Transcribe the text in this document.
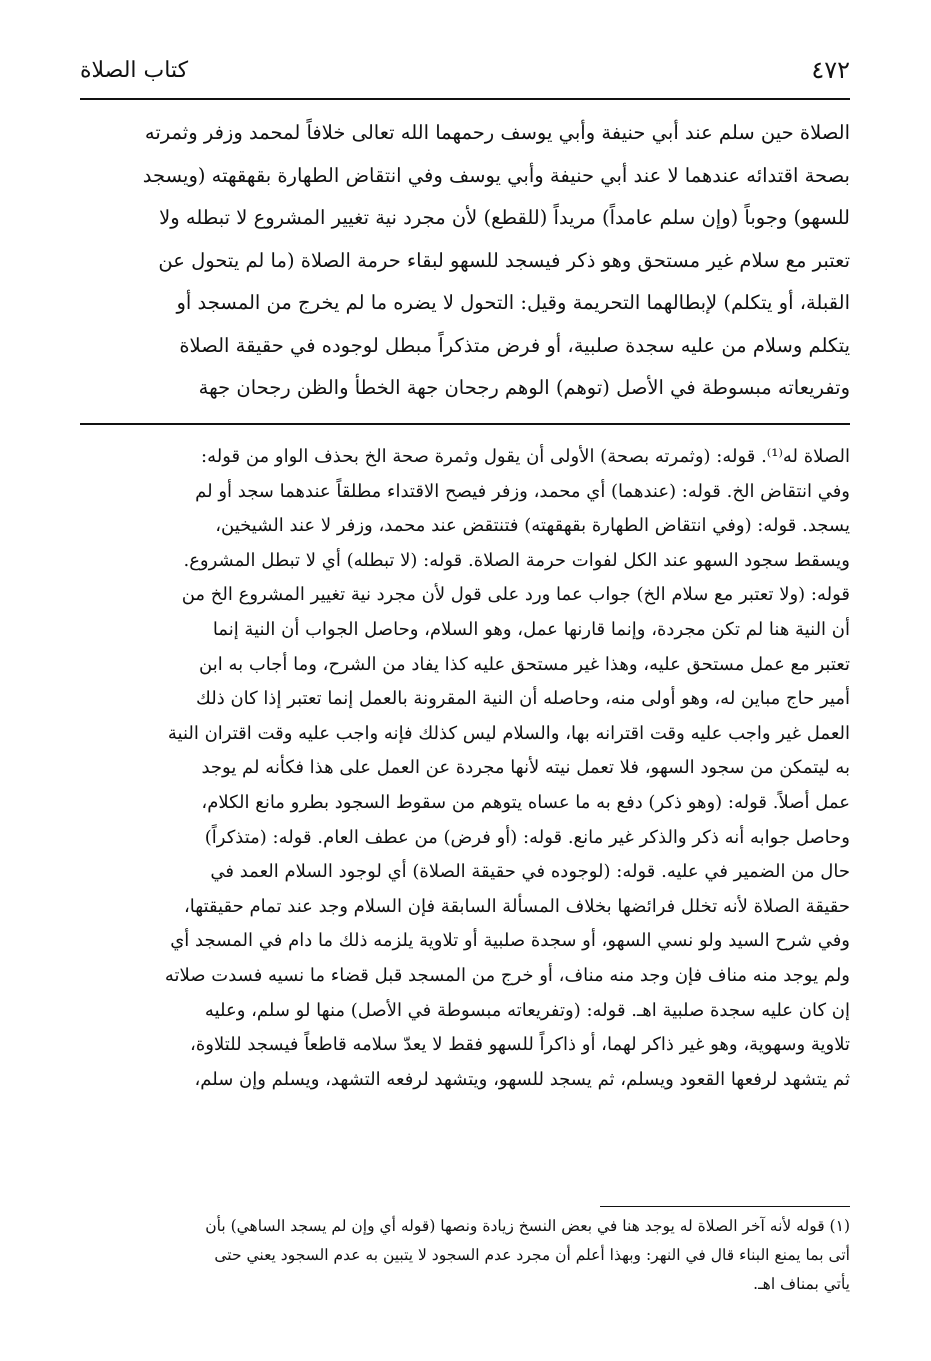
كتاب الصلاة	٤٧٢
الصلاة حين سلم عند أبي حنيفة وأبي يوسف رحمهما الله تعالى خلافاً لمحمد وزفر وثمرته
بصحة اقتدائه عندهما لا عند أبي حنيفة وأبي يوسف وفي انتقاض الطهارة بقهقهته (ويسجد
للسهو) وجوباً (وإن سلم عامداً) مريداً (للقطع) لأن مجرد نية تغيير المشروع لا تبطله ولا
تعتبر مع سلام غير مستحق وهو ذكر فيسجد للسهو لبقاء حرمة الصلاة (ما لم يتحول عن
القبلة، أو يتكلم) لإبطالهما التحريمة وقيل: التحول لا يضره ما لم يخرج من المسجد أو
يتكلم وسلام من عليه سجدة صلبية، أو فرض متذكراً مبطل لوجوده في حقيقة الصلاة
وتفريعاته مبسوطة في الأصل (توهم) الوهم رجحان جهة الخطأ والظن رجحان جهة
الصلاة له⁽¹⁾. قوله: (وثمرته بصحة) الأولى أن يقول وثمرة صحة الخ بحذف الواو من قوله:
وفي انتقاض الخ. قوله: (عندهما) أي محمد، وزفر فيصح الاقتداء مطلقاً عندهما سجد أو لم
يسجد. قوله: (وفي انتقاض الطهارة بقهقهته) فتنتقض عند محمد، وزفر لا عند الشيخين،
ويسقط سجود السهو عند الكل لفوات حرمة الصلاة. قوله: (لا تبطله) أي لا تبطل المشروع.
قوله: (ولا تعتبر مع سلام الخ) جواب عما ورد على قول لأن مجرد نية تغيير المشروع الخ من
أن النية هنا لم تكن مجردة، وإنما قارنها عمل، وهو السلام، وحاصل الجواب أن النية إنما
تعتبر مع عمل مستحق عليه، وهذا غير مستحق عليه كذا يفاد من الشرح، وما أجاب به ابن
أمير حاج مباين له، وهو أولى منه، وحاصله أن النية المقرونة بالعمل إنما تعتبر إذا كان ذلك
العمل غير واجب عليه وقت اقترانه بها، والسلام ليس كذلك فإنه واجب عليه وقت اقتران النية
به ليتمكن من سجود السهو، فلا تعمل نيته لأنها مجردة عن العمل على هذا فكأنه لم يوجد
عمل أصلاً. قوله: (وهو ذكر) دفع به ما عساه يتوهم من سقوط السجود بطرو مانع الكلام،
وحاصل جوابه أنه ذكر والذكر غير مانع. قوله: (أو فرض) من عطف العام. قوله: (متذكراً)
حال من الضمير في عليه. قوله: (لوجوده في حقيقة الصلاة) أي لوجود السلام العمد في
حقيقة الصلاة لأنه تخلل فرائضها بخلاف المسألة السابقة فإن السلام وجد عند تمام حقيقتها،
وفي شرح السيد ولو نسي السهو، أو سجدة صلبية أو تلاوية يلزمه ذلك ما دام في المسجد أي
ولم يوجد منه مناف فإن وجد منه مناف، أو خرج من المسجد قبل قضاء ما نسيه فسدت صلاته
إن كان عليه سجدة صلبية اهـ. قوله: (وتفريعاته مبسوطة في الأصل) منها لو سلم، وعليه
تلاوية وسهوية، وهو غير ذاكر لهما، أو ذاكراً للسهو فقط لا يعدّ سلامه قاطعاً فيسجد للتلاوة،
ثم يتشهد لرفعها القعود ويسلم، ثم يسجد للسهو، ويتشهد لرفعه التشهد، ويسلم وإن سلم،
(١) قوله لأنه آخر الصلاة له يوجد هنا في بعض النسخ زيادة ونصها (قوله أي وإن لم يسجد الساهي) بأن
أتى بما يمنع البناء قال في النهر: وبهذا أعلم أن مجرد عدم السجود لا يتبين به عدم السجود يعني حتى
يأتي بمناف اهـ.
